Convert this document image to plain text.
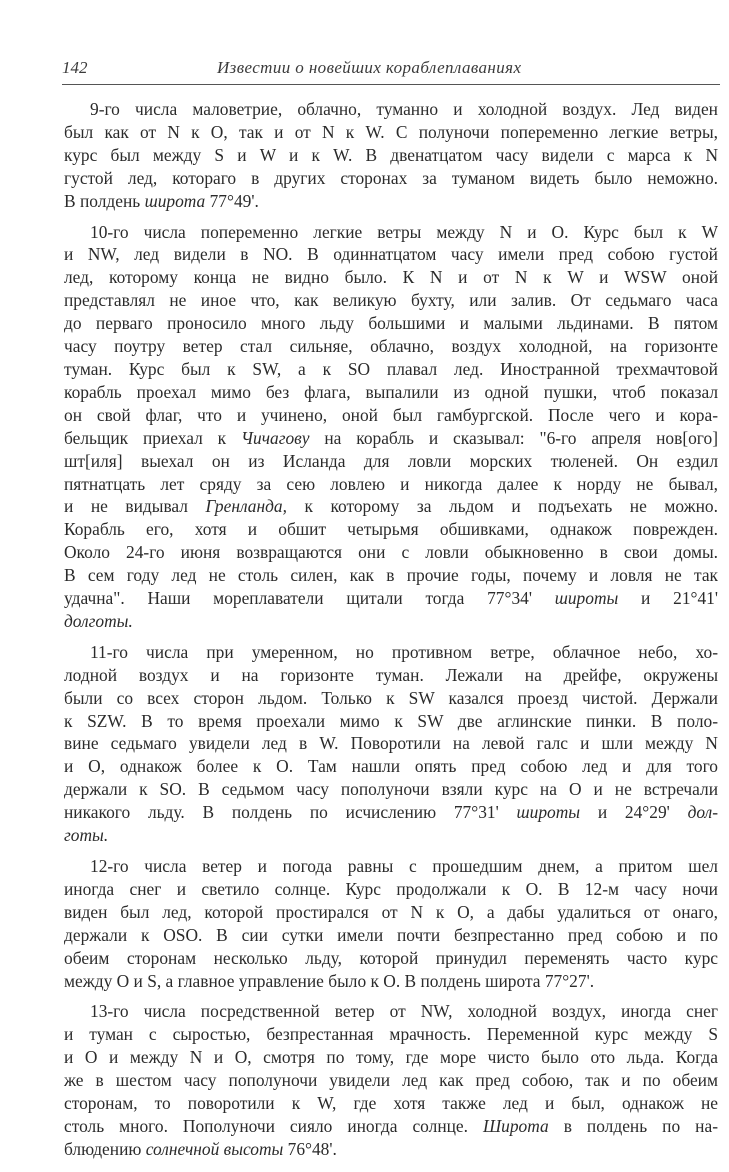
142	Известии о новейших кораблеплаваниях
9-го числа маловетрие, облачно, туманно и холодной воздух. Лед виден
был как от N к O, так и от N к W. С полуночи попеременно легкие ветры,
курс был между S и W и к W. В двенатцатом часу видели с марса к N
густой лед, котораго в других сторонах за туманом видеть было неможно.
В полдень широта 77°49'.
10-го числа попеременно легкие ветры между N и O. Курс был к W
и NW, лед видели в NO. В одиннатцатом часу имели пред собою густой
лед, которому конца не видно было. К N и от N к W и WSW оной
представлял не иное что, как великую бухту, или залив. От седьмаго часа
до перваго проносило много льду большими и малыми льдинами. В пятом
часу поутру ветер стал сильняе, облачно, воздух холодной, на горизонте
туман. Курс был к SW, а к SO плавал лед. Иностранной трехмачтовой
корабль проехал мимо без флага, выпалили из одной пушки, чтоб показал
он свой флаг, что и учинено, оной был гамбургской. После чего и кора-
бельщик приехал к Чичагову на корабль и сказывал: "6-го апреля нов[ого]
шт[иля] выехал он из Исланда для ловли морских тюленей. Он ездил
пятнатцать лет сряду за сею ловлею и никогда далее к норду не бывал,
и не видывал Гренланда, к которому за льдом и подъехать не можно.
Корабль его, хотя и обшит четырьмя обшивками, однакож поврежден.
Около 24-го июня возвращаются они с ловли обыкновенно в свои домы.
В сем году лед не столь силен, как в прочие годы, почему и ловля не так
удачна". Наши мореплаватели щитали тогда 77°34' широты и 21°41'
долготы.
11-го числа при умеренном, но противном ветре, облачное небо, хо-
лодной воздух и на горизонте туман. Лежали на дрейфе, окружены
были со всех сторон льдом. Только к SW казался проезд чистой. Держали
к SZW. В то время проехали мимо к SW две аглинские пинки. В поло-
вине седьмаго увидели лед в W. Поворотили на левой галс и шли между N
и O, однакож более к O. Там нашли опять пред собою лед и для того
держали к SO. В седьмом часу пополуночи взяли курс на O и не встречали
никакого льду. В полдень по исчислению 77°31' широты и 24°29' дол-
готы.
12-го числа ветер и погода равны с прошедшим днем, а притом шел
иногда снег и светило солнце. Курс продолжали к O. В 12-м часу ночи
виден был лед, которой простирался от N к O, а дабы удалиться от онаго,
держали к OSO. В сии сутки имели почти безпрестанно пред собою и по
обеим сторонам несколько льду, которой принудил переменять часто курс
между O и S, а главное управление было к O. В полдень широта 77°27'.
13-го числа посредственной ветер от NW, холодной воздух, иногда снег
и туман с сыростью, безпрестанная мрачность. Переменной курс между S
и O и между N и O, смотря по тому, где море чисто было ото льда. Когда
же в шестом часу пополуночи увидели лед как пред собою, так и по обеим
сторонам, то поворотили к W, где хотя также лед и был, однакож не
столь много. Пополуночи сияло иногда солнце. Широта в полдень по на-
блюдению солнечной высоты 76°48'.
